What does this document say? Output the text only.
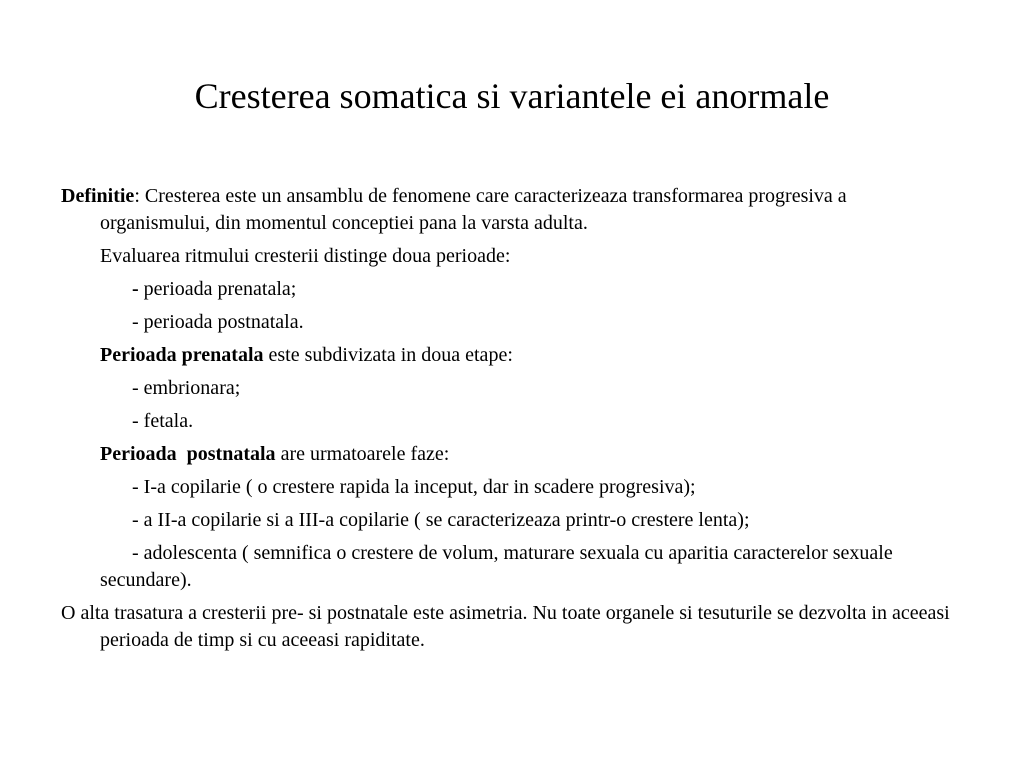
Cresterea somatica si variantele ei anormale

Definitie: Cresterea este un ansamblu de fenomene care caracterizeaza transformarea progresiva a organismului, din momentul conceptiei pana la varsta adulta.

Evaluarea ritmului cresterii distinge doua perioade:
- perioada prenatala;
- perioada postnatala.
Perioada prenatala este subdivizata in doua etape:
- embrionara;
- fetala.
Perioada  postnatala are urmatoarele faze:
- I-a copilarie ( o crestere rapida la inceput, dar in scadere progresiva);
- a II-a copilarie si a III-a copilarie ( se caracterizeaza printr-o crestere lenta);

- adolescenta ( semnifica o crestere de volum, maturare sexuala cu aparitia caracterelor sexuale secundare).

O alta trasatura a cresterii pre- si postnatale este asimetria. Nu toate organele si tesuturile se dezvolta in aceeasi perioada de timp si cu aceeasi rapiditate.
